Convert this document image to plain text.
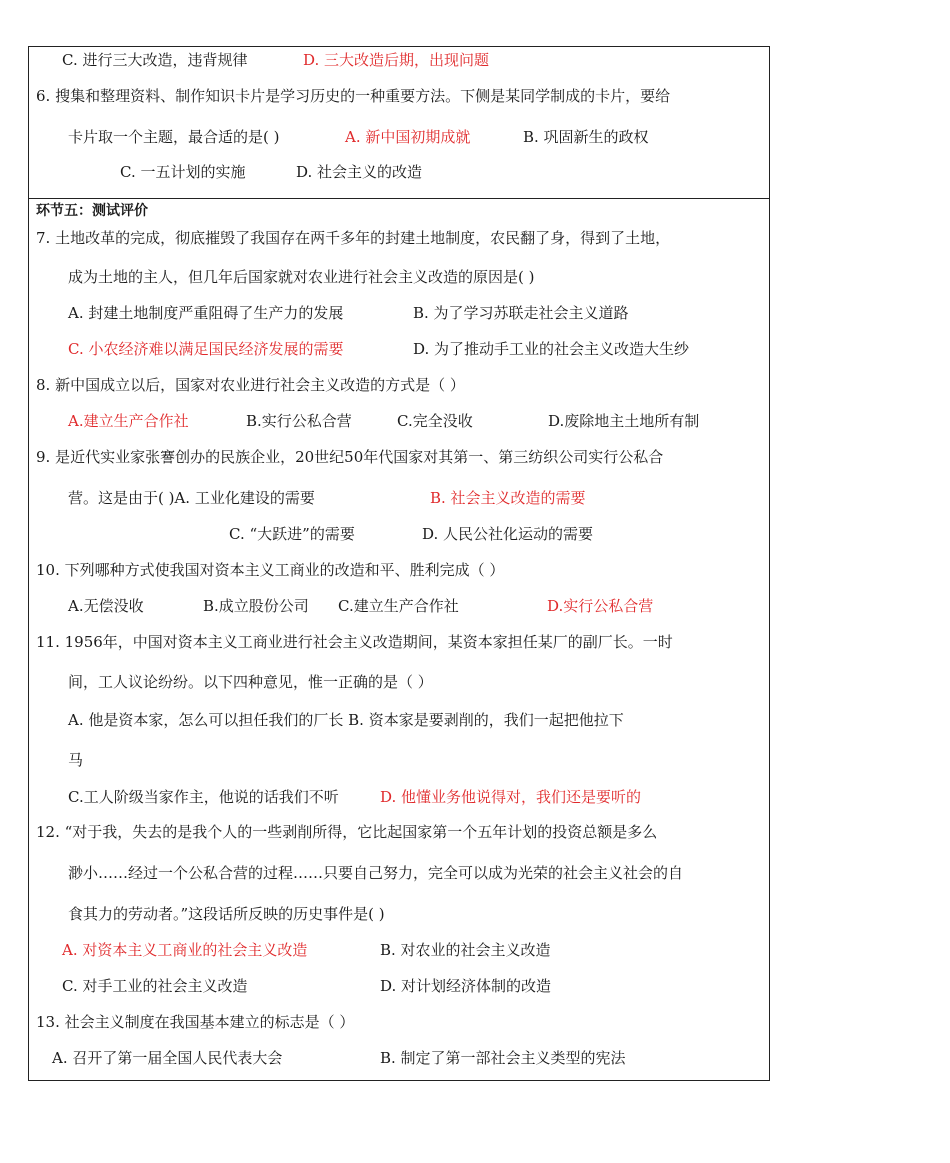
C. 进行三大改造，违背规律	D. 三大改造后期，出现问题
6. 搜集和整理资料、制作知识卡片是学习历史的一种重要方法。下侧是某同学制成的卡片，要给
卡片取一个主题，最合适的是( )	A. 新中国初期成就	B. 巩固新生的政权
C. 一五计划的实施	D. 社会主义的改造
环节五：测试评价
7. 土地改革的完成，彻底摧毁了我国存在两千多年的封建土地制度，农民翻了身，得到了土地，
成为土地的主人，但几年后国家就对农业进行社会主义改造的原因是( )
A. 封建土地制度严重阻碍了生产力的发展	B. 为了学习苏联走社会主义道路
C. 小农经济难以满足国民经济发展的需要	D. 为了推动手工业的社会主义改造大生纱
8. 新中国成立以后，国家对农业进行社会主义改造的方式是（ ）
A.建立生产合作社	B.实行公私合营	C.完全没收	D.废除地主土地所有制
9. 是近代实业家张謇创办的民族企业，20世纪50年代国家对其第一、第三纺织公司实行公私合
营。这是由于( )A. 工业化建设的需要	B. 社会主义改造的需要
C. “大跃进”的需要	D. 人民公社化运动的需要
10. 下列哪种方式使我国对资本主义工商业的改造和平、胜利完成（ ）
A.无偿没收	B.成立股份公司 C.建立生产合作社	D.实行公私合营
11. 1956年，中国对资本主义工商业进行社会主义改造期间，某资本家担任某厂的副厂长。一时
间，工人议论纷纷。以下四种意见，惟一正确的是（ ）
A. 他是资本家，怎么可以担任我们的厂长 B. 资本家是要剥削的，我们一起把他拉下
马
C.工人阶级当家作主，他说的话我们不听	D. 他懂业务他说得对，我们还是要听的
12. “对于我，失去的是我个人的一些剥削所得，它比起国家第一个五年计划的投资总额是多么
渺小……经过一个公私合营的过程……只要自己努力，完全可以成为光荣的社会主义社会的自
食其力的劳动者。”这段话所反映的历史事件是( )
A. 对资本主义工商业的社会主义改造	B. 对农业的社会主义改造
C. 对手工业的社会主义改造	D. 对计划经济体制的改造
13. 社会主义制度在我国基本建立的标志是（ ）
A. 召开了第一届全国人民代表大会	B. 制定了第一部社会主义类型的宪法
